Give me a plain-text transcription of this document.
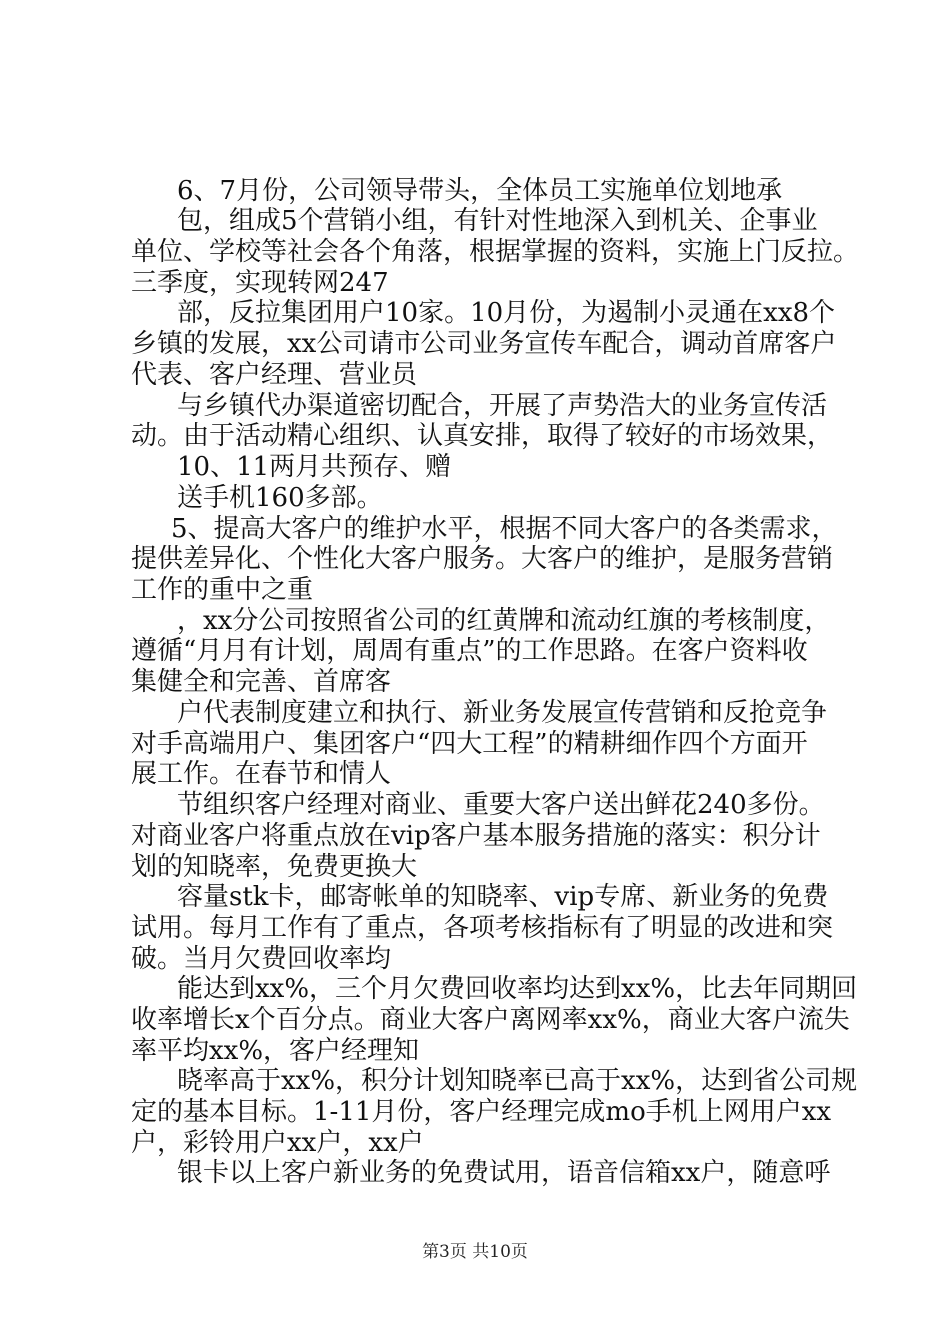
6、7月份，公司领导带头，全体员工实施单位划地承
包，组成5个营销小组，有针对性地深入到机关、企事业
单位、学校等社会各个角落，根据掌握的资料，实施上门反拉。
三季度，实现转网247
部，反拉集团用户10家。10月份，为遏制小灵通在xx8个
乡镇的发展，xx公司请市公司业务宣传车配合，调动首席客户
代表、客户经理、营业员
与乡镇代办渠道密切配合，开展了声势浩大的业务宣传活
动。由于活动精心组织、认真安排，取得了较好的市场效果，
10、11两月共预存、赠
送手机160多部。
5、提高大客户的维护水平，根据不同大客户的各类需求，
提供差异化、个性化大客户服务。大客户的维护，是服务营销
工作的重中之重
，xx分公司按照省公司的红黄牌和流动红旗的考核制度，
遵循“月月有计划，周周有重点”的工作思路。在客户资料收
集健全和完善、首席客
户代表制度建立和执行、新业务发展宣传营销和反抢竞争
对手高端用户、集团客户“四大工程”的精耕细作四个方面开
展工作。在春节和情人
节组织客户经理对商业、重要大客户送出鲜花240多份。
对商业客户将重点放在vip客户基本服务措施的落实：积分计
划的知晓率，免费更换大
容量stk卡，邮寄帐单的知晓率、vip专席、新业务的免费
试用。每月工作有了重点，各项考核指标有了明显的改进和突
破。当月欠费回收率均
能达到xx%，三个月欠费回收率均达到xx%，比去年同期回
收率增长x个百分点。商业大客户离网率xx%，商业大客户流失
率平均xx%，客户经理知
晓率高于xx%，积分计划知晓率已高于xx%，达到省公司规
定的基本目标。1-11月份，客户经理完成mo手机上网用户xx
户，彩铃用户xx户，xx户
银卡以上客户新业务的免费试用，语音信箱xx户，随意呼
第3页 共10页
